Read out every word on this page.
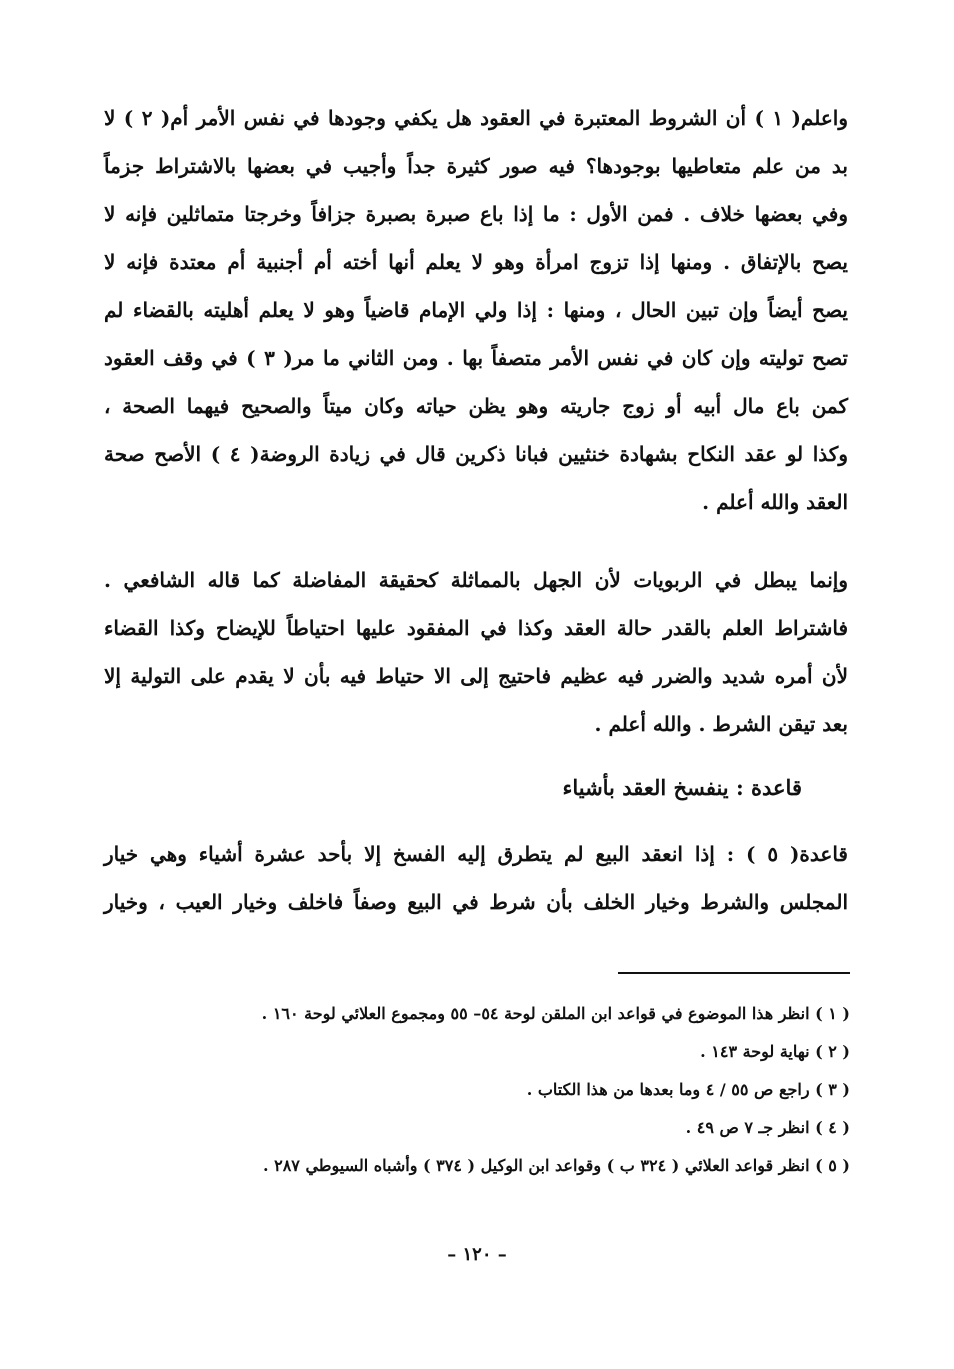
واعلم( ١ ) أن الشروط المعتبرة في العقود هل يكفي وجودها في نفس الأمر أم( ٢ ) لا
بد من علم متعاطيها بوجودها؟ فيه صور كثيرة جداً وأجيب في بعضها بالاشتراط جزماً
وفي بعضها خلاف . فمن الأول : ما إذا باع صبرة بصبرة جزافاً وخرجتا متماثلين فإنه لا
يصح بالإتفاق . ومنها إذا تزوج امرأة وهو لا يعلم أنها أخته أم أجنبية أم معتدة فإنه لا
يصح أيضاً وإن تبين الحال ، ومنها : إذا ولي الإمام قاضياً وهو لا يعلم أهليته بالقضاء لم
تصح توليته وإن كان في نفس الأمر متصفاً بها . ومن الثاني ما مر( ٣ ) في وقف العقود
كمن باع مال أبيه أو زوج جاريته وهو يظن حياته وكان ميتاً والصحيح فيهما الصحة ،
وكذا لو عقد النكاح بشهادة خنثيين فبانا ذكرين قال في زيادة الروضة( ٤ ) الأصح صحة
العقد والله أعلم .
وإنما يبطل في الربويات لأن الجهل بالمماثلة كحقيقة المفاضلة كما قاله الشافعي .
فاشتراط العلم بالقدر حالة العقد وكذا في المفقود عليها احتياطاً للإيضاح وكذا القضاء
لأن أمره شديد والضرر فيه عظيم فاحتيج إلى الا حتياط فيه بأن لا يقدم على التولية إلا
بعد تيقن الشرط . والله أعلم .
قاعدة : ينفسخ العقد بأشياء
قاعدة( ٥ ) : إذا انعقد البيع لم يتطرق إليه الفسخ إلا بأحد عشرة أشياء وهي خيار
المجلس والشرط وخيار الخلف بأن شرط في البيع وصفاً فاخلف وخيار العيب ، وخيار
( ١ ) انظر هذا الموضوع في قواعد ابن الملقن لوحة ٥٤– ٥٥ ومجموع العلائي لوحة ١٦٠ .
( ٢ ) نهاية لوحة ١٤٣ .
( ٣ ) راجع ص ٥٥ / ٤ وما بعدها من هذا الكتاب .
( ٤ ) انظر جـ ٧ ص ٤٩ .
( ٥ ) انظر قواعد العلائي ( ٣٢٤ ب ) وقواعد ابن الوكيل ( ٣٧٤ ) وأشباه السيوطي ٢٨٧ .
– ١٢٠ –
